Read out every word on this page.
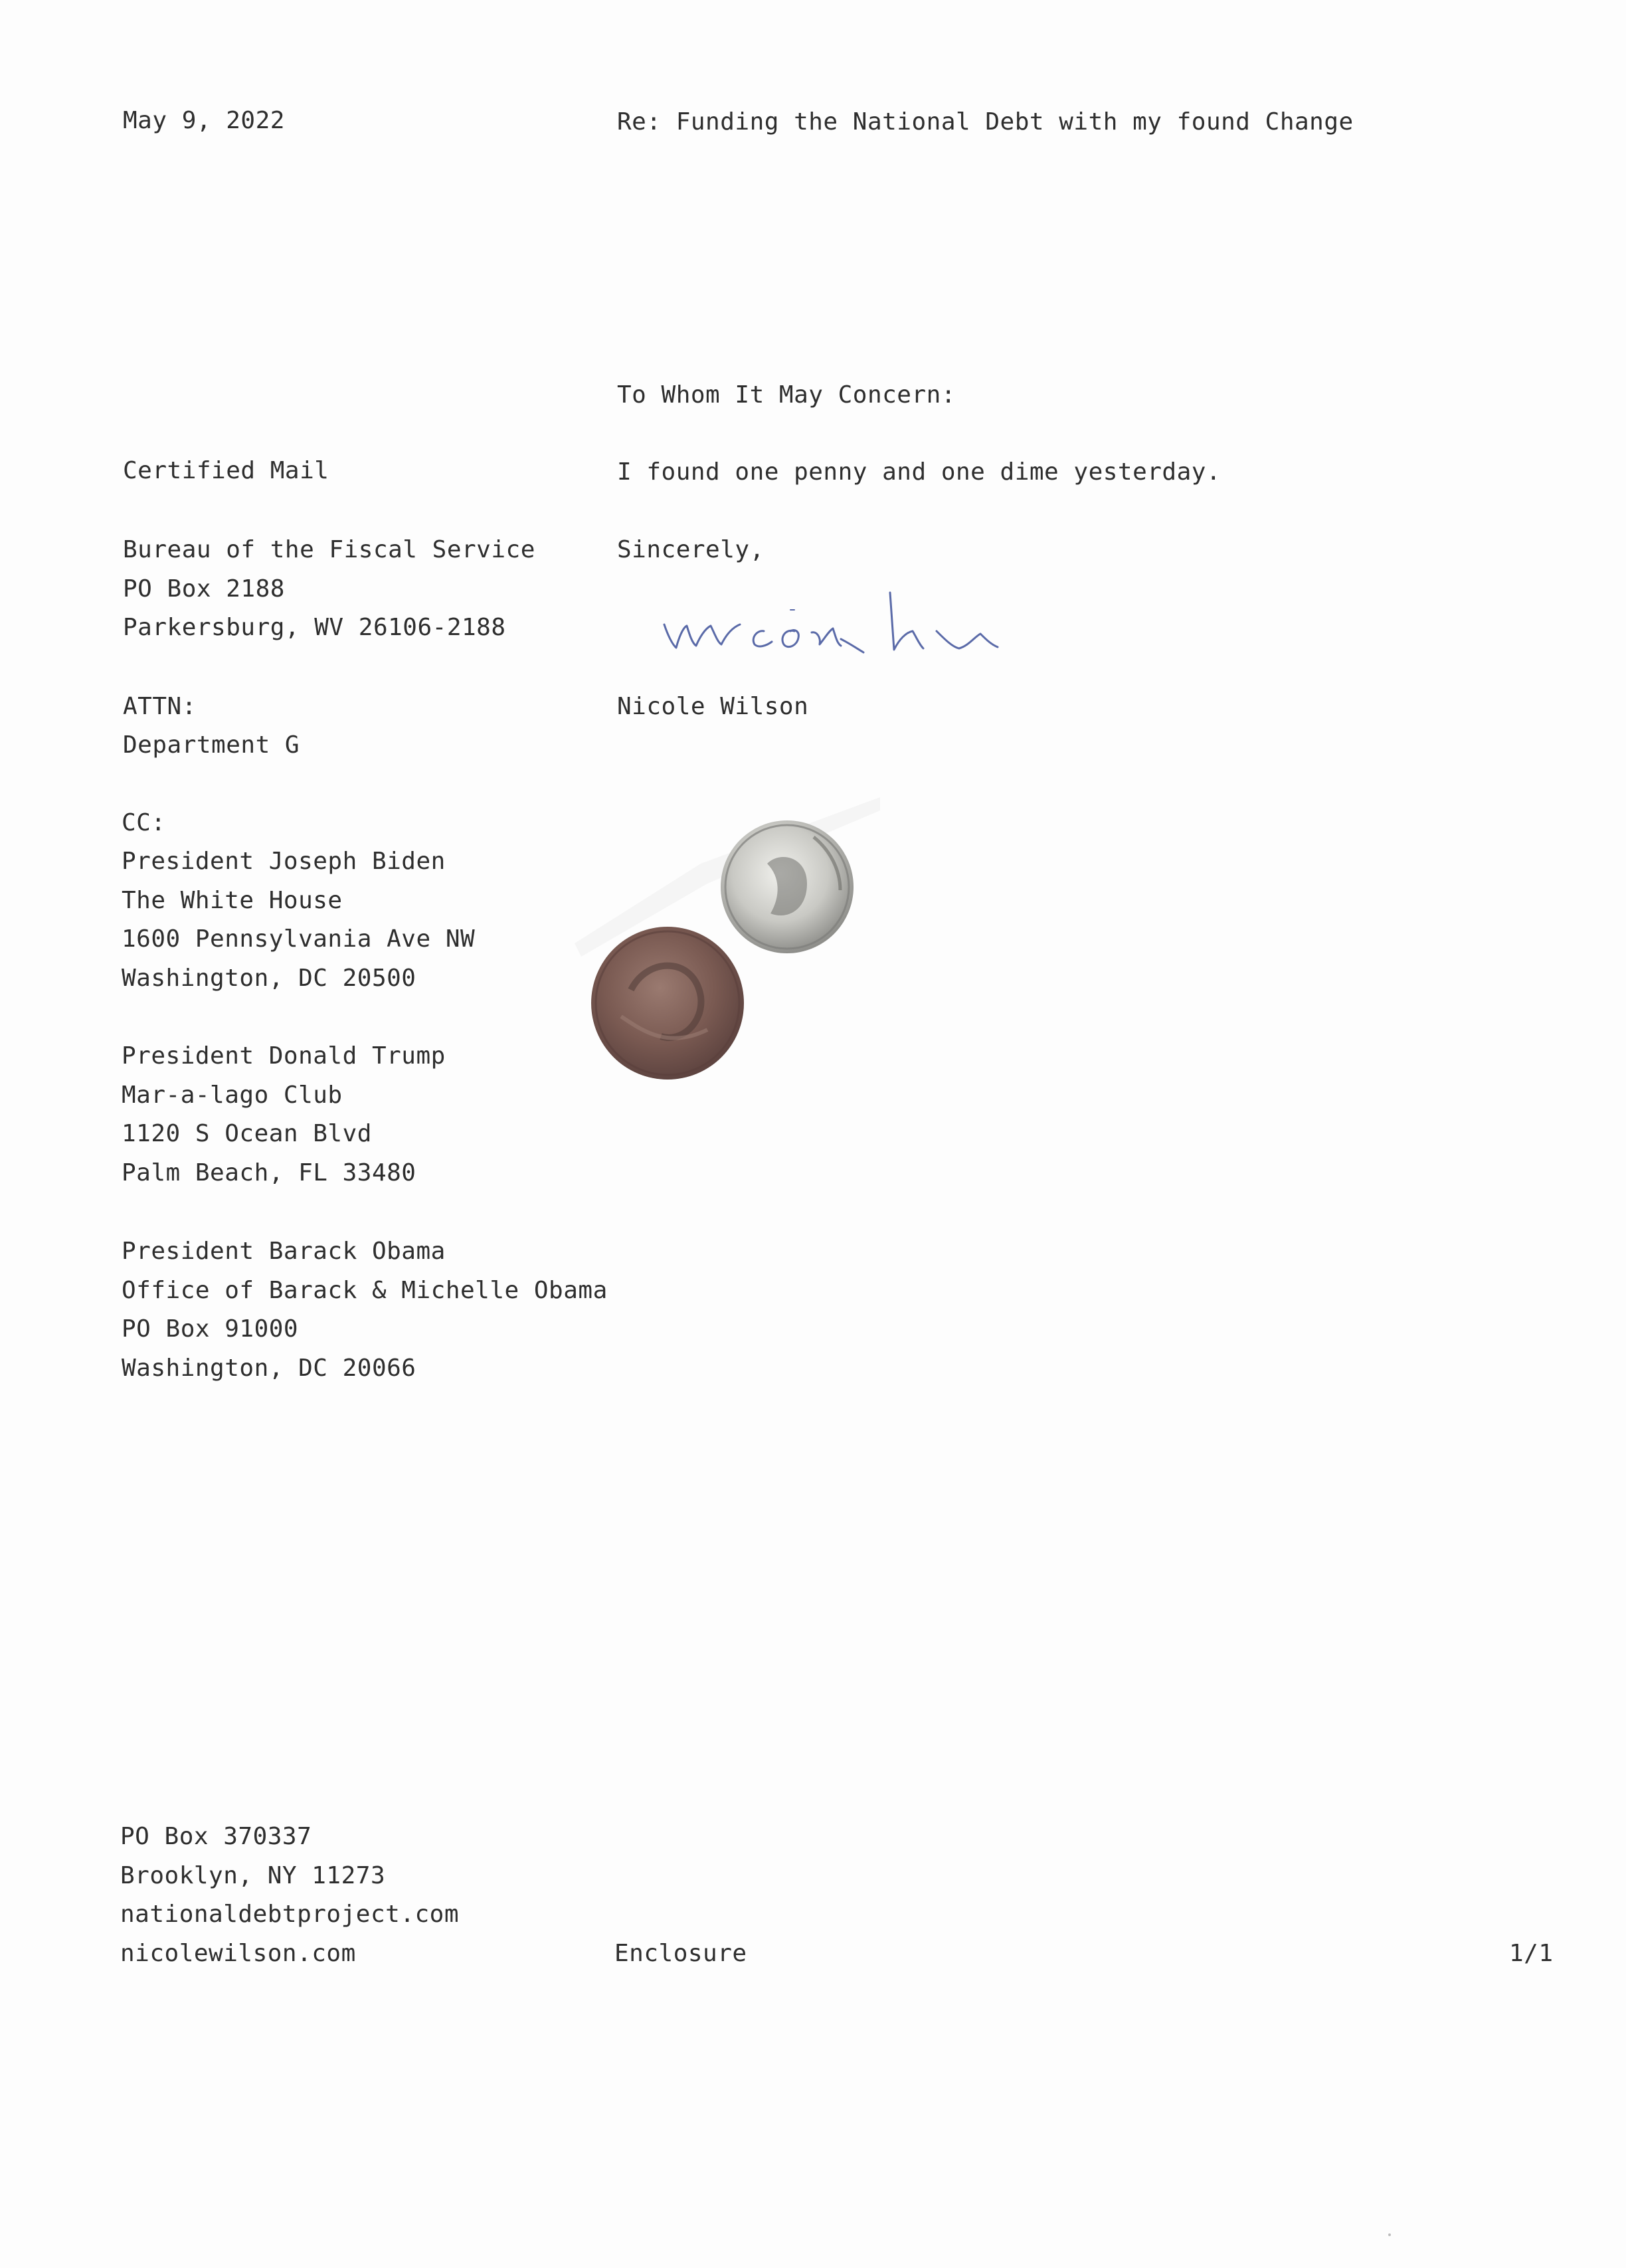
May 9, 2022	Re: Funding the National Debt with my found Change
To Whom It May Concern:
Certified Mail	I found one penny and one dime yesterday.
Bureau of the Fiscal Service
PO Box 2188
Parkersburg, WV 26106-2188
Sincerely,
Nicole Wilson
ATTN:
Department G
CC:
President Joseph Biden
The White House
1600 Pennsylvania Ave NW
Washington, DC 20500
President Donald Trump
Mar-a-lago Club
1120 S Ocean Blvd
Palm Beach, FL 33480
President Barack Obama
Office of Barack & Michelle Obama
PO Box 91000
Washington, DC 20066
PO Box 370337
Brooklyn, NY 11273
nationaldebtproject.com
nicolewilson.com	Enclosure	1/1
